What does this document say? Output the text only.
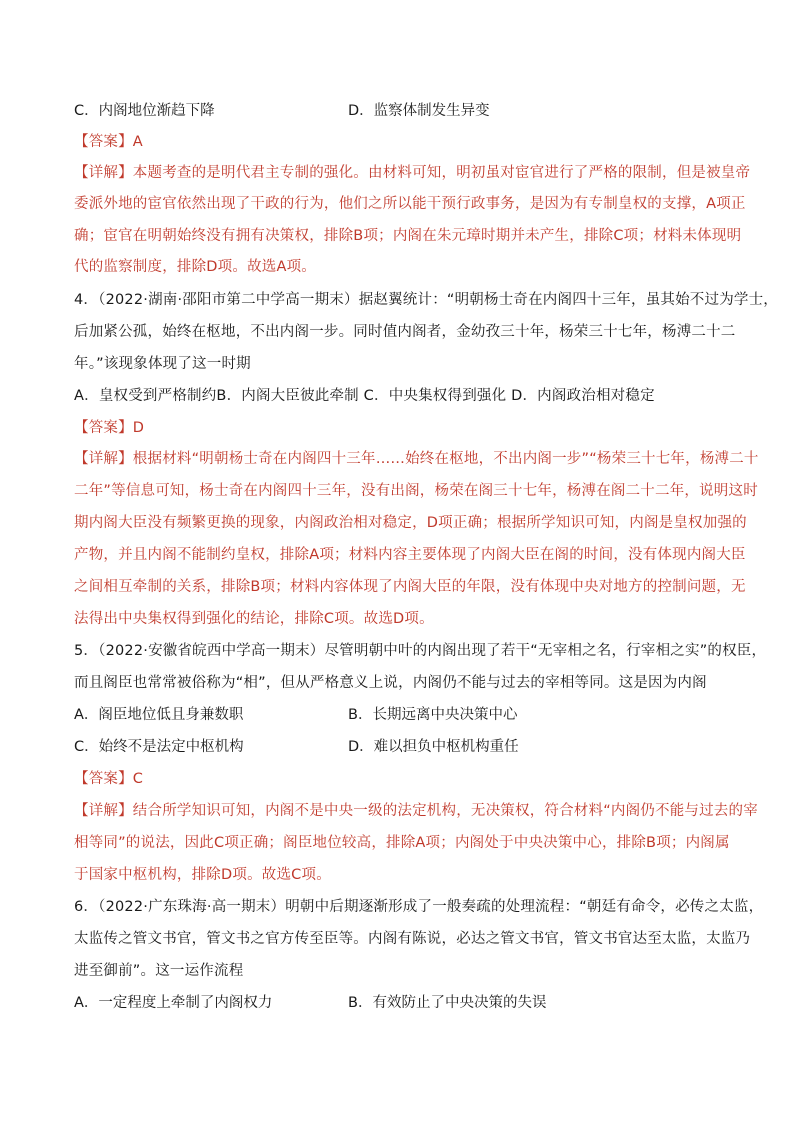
C．内阁地位渐趋下降	D．监察体制发生异变
【答案】A
【详解】本题考查的是明代君主专制的强化。由材料可知，明初虽对宦官进行了严格的限制，但是被皇帝
委派外地的宦官依然出现了干政的行为，他们之所以能干预行政事务，是因为有专制皇权的支撑，A项正
确；宦官在明朝始终没有拥有决策权，排除B项；内阁在朱元璋时期并未产生，排除C项；材料未体现明
代的监察制度，排除D项。故选A项。
4．（2022·湖南·邵阳市第二中学高一期末）据赵翼统计：“明朝杨士奇在内阁四十三年，虽其始不过为学士，
后加紧公孤，始终在枢地，不出内阁一步。同时值内阁者，金幼孜三十年，杨荣三十七年，杨溥二十二
年。”该现象体现了这一时期
A．皇权受到严格制约B．内阁大臣彼此牵制 C．中央集权得到强化 D．内阁政治相对稳定
【答案】D
【详解】根据材料“明朝杨士奇在内阁四十三年……始终在枢地，不出内阁一步”“杨荣三十七年，杨溥二十
二年”等信息可知，杨士奇在内阁四十三年，没有出阁，杨荣在阁三十七年，杨溥在阁二十二年，说明这时
期内阁大臣没有频繁更换的现象，内阁政治相对稳定，D项正确；根据所学知识可知，内阁是皇权加强的
产物，并且内阁不能制约皇权，排除A项；材料内容主要体现了内阁大臣在阁的时间，没有体现内阁大臣
之间相互牵制的关系，排除B项；材料内容体现了内阁大臣的年限，没有体现中央对地方的控制问题，无
法得出中央集权得到强化的结论，排除C项。故选D项。
5．（2022·安徽省皖西中学高一期末）尽管明朝中叶的内阁出现了若干“无宰相之名，行宰相之实”的权臣，
而且阁臣也常常被俗称为“相”，但从严格意义上说，内阁仍不能与过去的宰相等同。这是因为内阁
A．阁臣地位低且身兼数职	B．长期远离中央决策中心
C．始终不是法定中枢机构	D．难以担负中枢机构重任
【答案】C
【详解】结合所学知识可知，内阁不是中央一级的法定机构，无决策权，符合材料“内阁仍不能与过去的宰
相等同”的说法，因此C项正确；阁臣地位较高，排除A项；内阁处于中央决策中心，排除B项；内阁属
于国家中枢机构，排除D项。故选C项。
6．（2022·广东珠海·高一期末）明朝中后期逐渐形成了一般奏疏的处理流程：“朝廷有命令，必传之太监，
太监传之管文书官，管文书之官方传至臣等。内阁有陈说，必达之管文书官，管文书官达至太监，太监乃
进至御前”。这一运作流程
A．一定程度上牵制了内阁权力	B．有效防止了中央决策的失误
